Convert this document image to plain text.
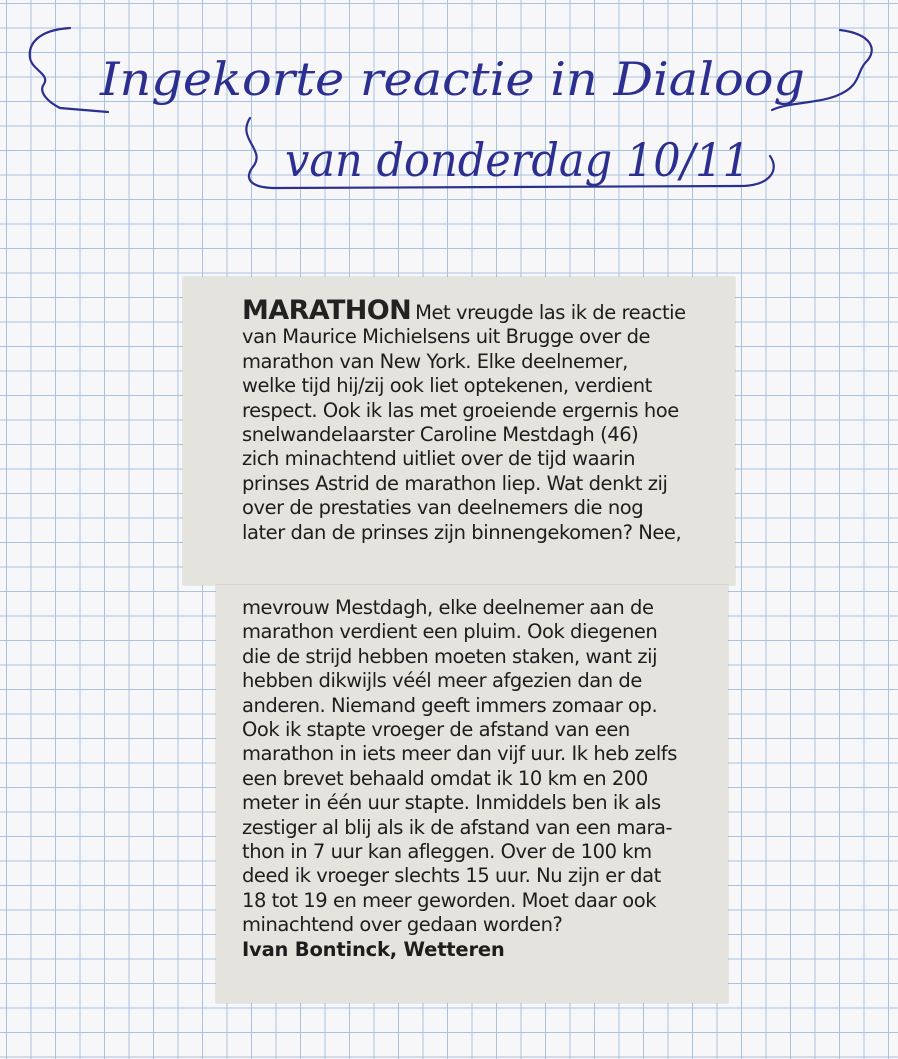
Ingekorte reactie in Dialoog
van donderdag 10/11
MARATHON Met vreugde las ik de reactie
van Maurice Michielsens uit Brugge over de
marathon van New York. Elke deelnemer,
welke tijd hij/zij ook liet optekenen, verdient
respect. Ook ik las met groeiende ergernis hoe
snelwandelaarster Caroline Mestdagh (46)
zich minachtend uitliet over de tijd waarin
prinses Astrid de marathon liep. Wat denkt zij
over de prestaties van deelnemers die nog
later dan de prinses zijn binnengekomen? Nee,
mevrouw Mestdagh, elke deelnemer aan de
marathon verdient een pluim. Ook diegenen
die de strijd hebben moeten staken, want zij
hebben dikwijls véél meer afgezien dan de
anderen. Niemand geeft immers zomaar op.
Ook ik stapte vroeger de afstand van een
marathon in iets meer dan vijf uur. Ik heb zelfs
een brevet behaald omdat ik 10 km en 200
meter in één uur stapte. Inmiddels ben ik als
zestiger al blij als ik de afstand van een mara-
thon in 7 uur kan afleggen. Over de 100 km
deed ik vroeger slechts 15 uur. Nu zijn er dat
18 tot 19 en meer geworden. Moet daar ook
minachtend over gedaan worden?
Ivan Bontinck, Wetteren
